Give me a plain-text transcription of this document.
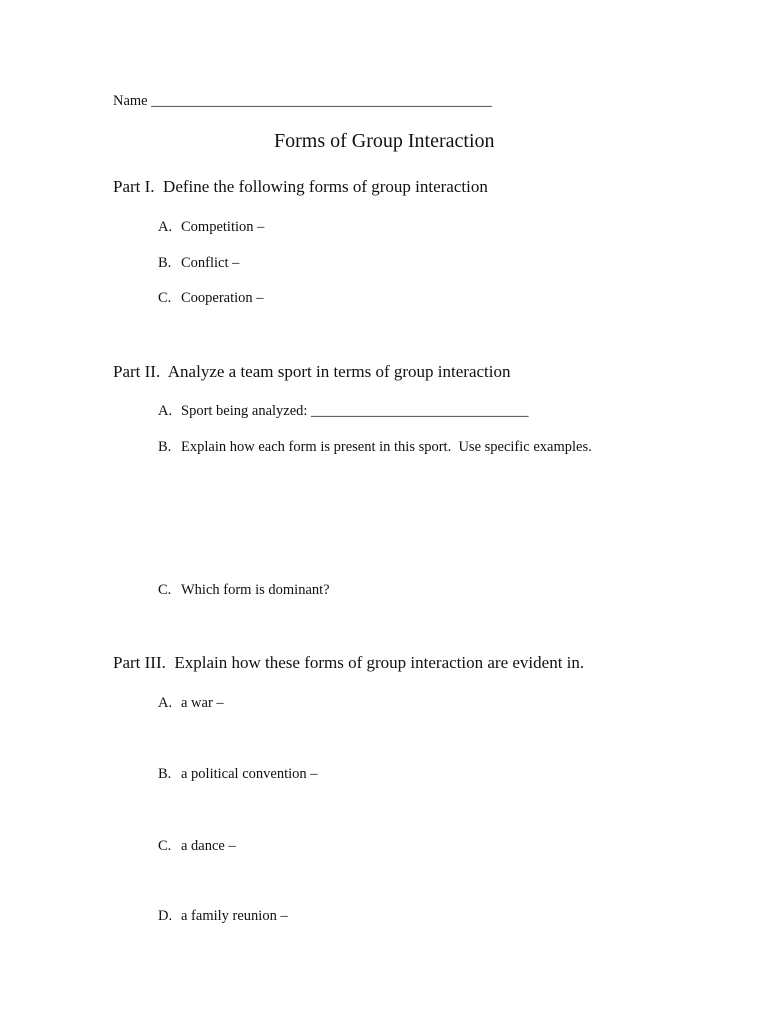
Name _______________________________________________

Forms of Group Interaction

Part I.  Define the following forms of group interaction

A. Competition –

B. Conflict –

C. Cooperation –

Part II.  Analyze a team sport in terms of group interaction

A. Sport being analyzed: ______________________________

B. Explain how each form is present in this sport.  Use specific examples.

C. Which form is dominant?

Part III.  Explain how these forms of group interaction are evident in.

A. a war –

B. a political convention –

C. a dance –

D. a family reunion –
